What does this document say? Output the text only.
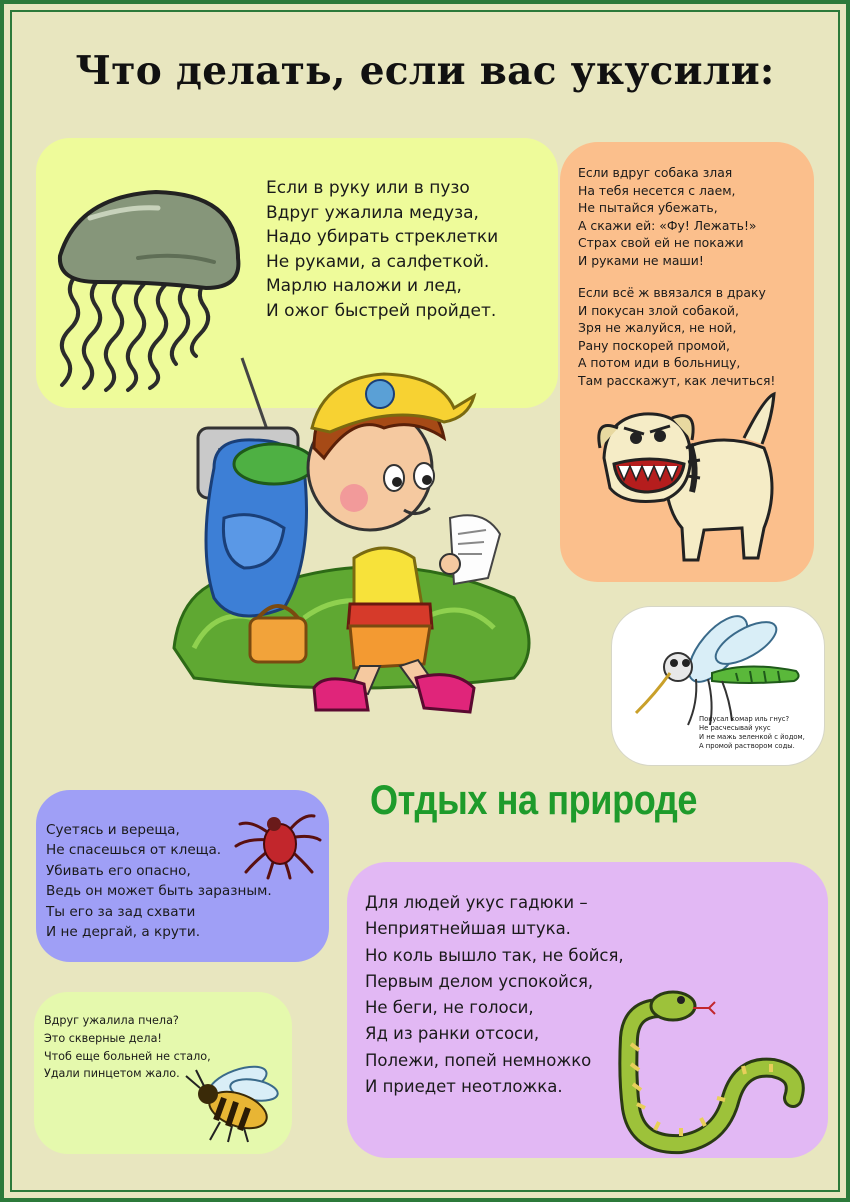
Что делать, если вас укусили:

Если в руку или в пузо
Вдруг ужалила медуза,
Надо убирать стреклетки
Не руками, а салфеткой.
Марлю наложи и лед,
И ожог быстрей пройдет.

Если вдруг собака злая
На тебя несется с лаем,
Не пытайся убежать,
А скажи ей: «Фу! Лежать!»
Страх свой ей не покажи
И руками не маши!

Если всё ж ввязался в драку
И покусан злой собакой,
Зря не жалуйся, не ной,
Рану поскорей промой,
А потом иди в больницу,
Там расскажут, как лечиться!

Покусал комар иль гнус?
Не расчесывай укус
И не мажь зеленкой с йодом,
А промой раствором соды.

Отдых на природе

Суетясь и вереща,
Не спасешься от клеща.
Убивать его опасно,
Ведь он может быть заразным.
Ты его за зад схвати
И не дергай, а крути.

Вдруг ужалила пчела?
Это скверные дела!
Чтоб еще больней не стало,
Удали пинцетом жало.

Для людей укус гадюки –
Неприятнейшая штука.
Но коль вышло так, не бойся,
Первым делом успокойся,
Не беги, не голоси,
Яд из ранки отсоси,
Полежи, попей немножко
И приедет неотложка.
